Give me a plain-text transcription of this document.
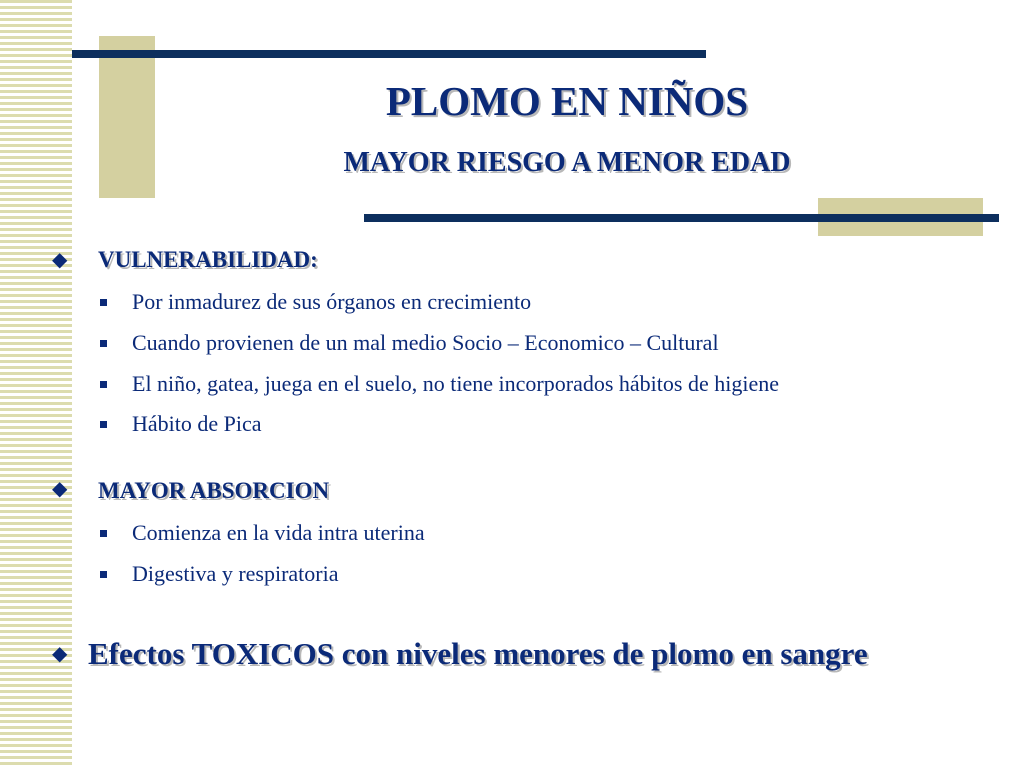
PLOMO EN NIÑOS
MAYOR RIESGO A MENOR EDAD
◆ VULNERABILIDAD:
Por inmadurez de sus órganos en crecimiento
Cuando provienen de un mal medio Socio – Economico – Cultural
El niño, gatea, juega en el suelo, no tiene incorporados hábitos de higiene
Hábito de Pica
◆ MAYOR ABSORCION
Comienza en la vida intra uterina
Digestiva y respiratoria
◆ Efectos TOXICOS con niveles menores de plomo en sangre
